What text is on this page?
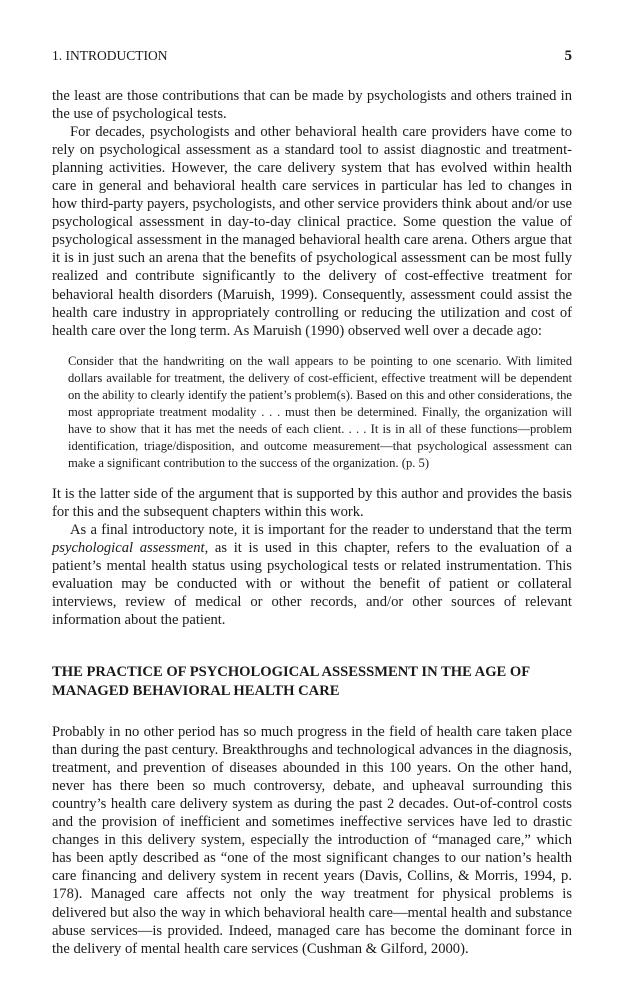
1. INTRODUCTION	5

the least are those contributions that can be made by psychologists and others trained in the use of psychological tests.

For decades, psychologists and other behavioral health care providers have come to rely on psychological assessment as a standard tool to assist diagnostic and treatment-planning activities. However, the care delivery system that has evolved within health care in general and behavioral health care services in particular has led to changes in how third-party payers, psychologists, and other service providers think about and/or use psychological assessment in day-to-day clinical practice. Some question the value of psychological assessment in the managed behavioral health care arena. Others argue that it is in just such an arena that the benefits of psychological assessment can be most fully realized and contribute significantly to the delivery of cost-effective treatment for behavioral health disorders (Maruish, 1999). Consequently, assessment could assist the health care industry in appropriately controlling or reducing the utilization and cost of health care over the long term. As Maruish (1990) observed well over a decade ago:

Consider that the handwriting on the wall appears to be pointing to one scenario. With limited dollars available for treatment, the delivery of cost-efficient, effective treatment will be dependent on the ability to clearly identify the patient’s problem(s). Based on this and other considerations, the most appropriate treatment modality . . . must then be determined. Finally, the organization will have to show that it has met the needs of each client. . . . It is in all of these functions—problem identification, triage/disposition, and outcome measurement—that psychological assessment can make a significant contribution to the success of the organization. (p. 5)

It is the latter side of the argument that is supported by this author and provides the basis for this and the subsequent chapters within this work.

As a final introductory note, it is important for the reader to understand that the term psychological assessment, as it is used in this chapter, refers to the evaluation of a patient’s mental health status using psychological tests or related instrumentation. This evaluation may be conducted with or without the benefit of patient or collateral interviews, review of medical or other records, and/or other sources of relevant information about the patient.

THE PRACTICE OF PSYCHOLOGICAL ASSESSMENT IN THE AGE OF MANAGED BEHAVIORAL HEALTH CARE

Probably in no other period has so much progress in the field of health care taken place than during the past century. Breakthroughs and technological advances in the diagnosis, treatment, and prevention of diseases abounded in this 100 years. On the other hand, never has there been so much controversy, debate, and upheaval surrounding this country’s health care delivery system as during the past 2 decades. Out-of-control costs and the provision of inefficient and sometimes ineffective services have led to drastic changes in this delivery system, especially the introduction of “managed care,” which has been aptly described as “one of the most significant changes to our nation’s health care financing and delivery system in recent years (Davis, Collins, & Morris, 1994, p. 178). Managed care affects not only the way treatment for physical problems is delivered but also the way in which behavioral health care—mental health and substance abuse services—is provided. Indeed, managed care has become the dominant force in the delivery of mental health care services (Cushman & Gilford, 2000).
